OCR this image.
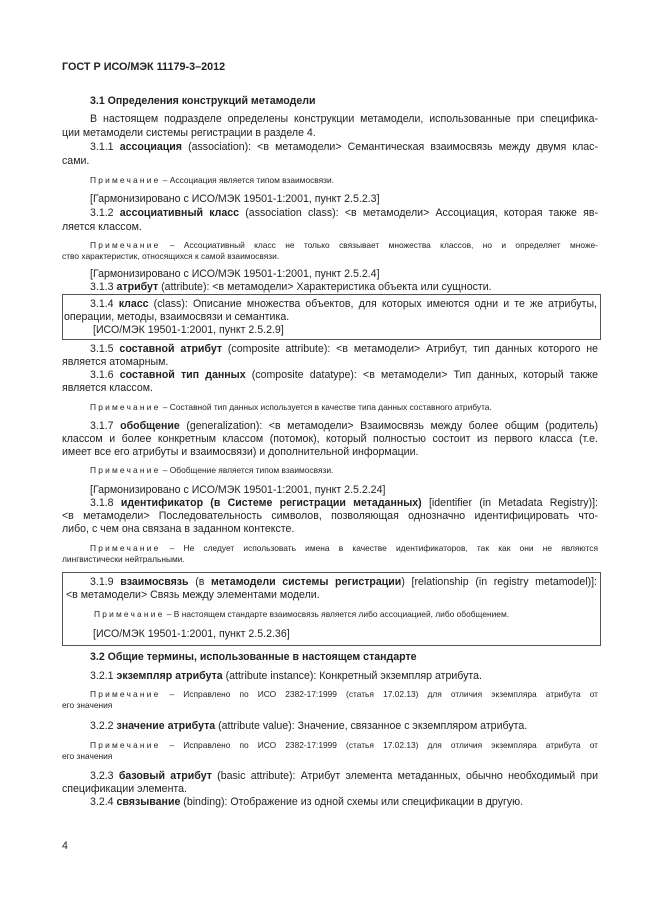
ГОСТ Р ИСО/МЭК 11179-3–2012
3.1 Определения конструкций метамодели
В настоящем подразделе определены конструкции метамодели, использованные при специфика-
ции метамодели системы регистрации в разделе 4.
3.1.1 ассоциация (association): <в метамодели> Семантическая взаимосвязь между двумя клас-
сами.
Примечание – Ассоциация является типом взаимосвязи.
[Гармонизировано с ИСО/МЭК 19501-1:2001, пункт 2.5.2.3]
3.1.2 ассоциативный класс (association class): <в метамодели> Ассоциация, которая также яв-
ляется классом.
Примечание – Ассоциативный класс не только связывает множества классов, но и определяет множе-
ство характеристик, относящихся к самой взаимосвязи.
[Гармонизировано с ИСО/МЭК 19501-1:2001, пункт 2.5.2.4]
3.1.3 атрибут (attribute): <в метамодели> Характеристика объекта или сущности.
3.1.4 класс (class): Описание множества объектов, для которых имеются одни и те же атрибуты,
операции, методы, взаимосвязи и семантика.
[ИСО/МЭК 19501-1:2001, пункт 2.5.2.9]
3.1.5 составной атрибут (composite attribute): <в метамодели> Атрибут, тип данных которого не
является атомарным.
3.1.6 составной тип данных (composite datatype): <в метамодели> Тип данных, который также
является классом.
Примечание – Составной тип данных используется в качестве типа данных составного атрибута.
3.1.7 обобщение (generalization): <в метамодели> Взаимосвязь между более общим (родитель)
классом и более конкретным классом (потомок), который полностью состоит из первого класса (т.е.
имеет все его атрибуты и взаимосвязи) и дополнительной информации.
Примечание – Обобщение является типом взаимосвязи.
[Гармонизировано с ИСО/МЭК 19501-1:2001, пункт 2.5.2.24]
3.1.8 идентификатор (в Системе регистрации метаданных) [identifier (in Metadata Registry)]:
<в метамодели> Последовательность символов, позволяющая однозначно идентифицировать что-
либо, с чем она связана в заданном контексте.
Примечание – Не следует использовать имена в качестве идентификаторов, так как они не являются
лингвистически нейтральными.
3.1.9 взаимосвязь (в метамодели системы регистрации) [relationship (in registry metamodel)]:
<в метамодели> Связь между элементами модели.
Примечание – В настоящем стандарте взаимосвязь является либо ассоциацией, либо обобщением.
[ИСО/МЭК 19501-1:2001, пункт 2.5.2.36]
3.2 Общие термины, использованные в настоящем стандарте
3.2.1 экземпляр атрибута (attribute instance): Конкретный экземпляр атрибута.
Примечание – Исправлено по ИСО 2382-17:1999 (статья 17.02.13) для отличия экземпляра атрибута от
его значения
3.2.2 значение атрибута (attribute value): Значение, связанное с экземпляром атрибута.
Примечание – Исправлено по ИСО 2382-17:1999 (статья 17.02.13) для отличия экземпляра атрибута от
его значения
3.2.3 базовый атрибут (basic attribute): Атрибут элемента метаданных, обычно необходимый при
спецификации элемента.
3.2.4 связывание (binding): Отображение из одной схемы или спецификации в другую.
4
